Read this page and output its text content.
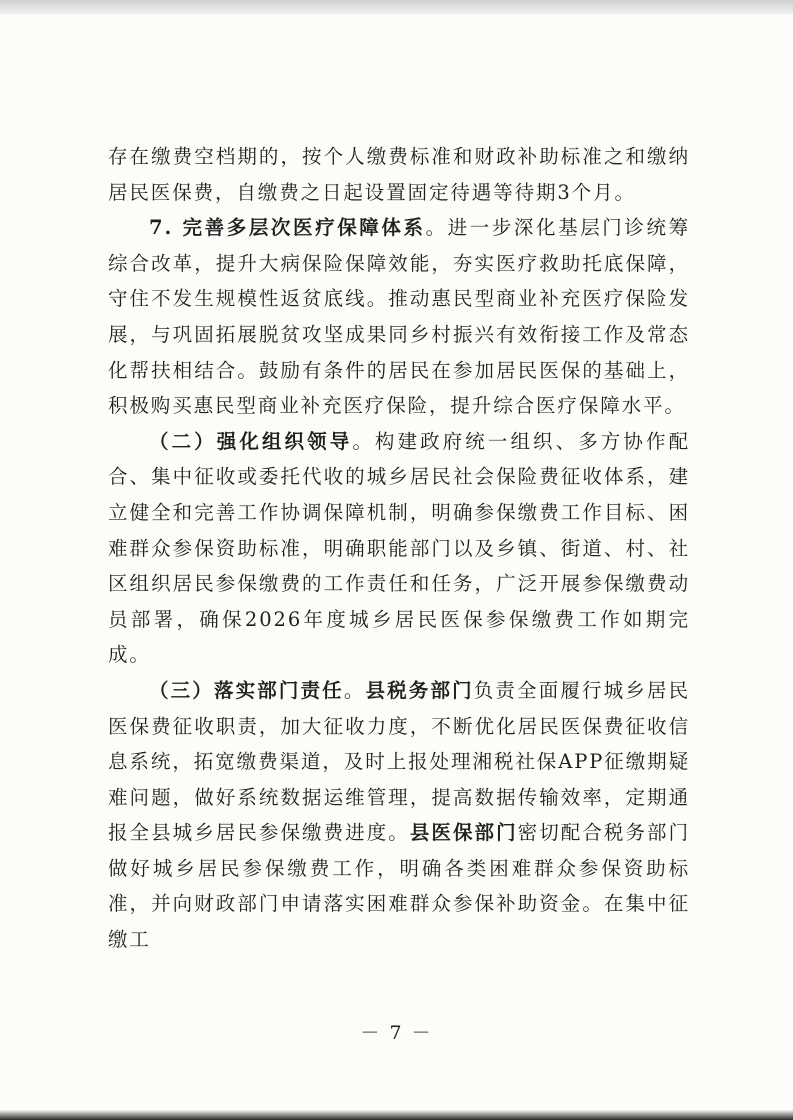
存在缴费空档期的，按个人缴费标准和财政补助标准之和缴纳居民医保费，自缴费之日起设置固定待遇等待期3个月。

7. 完善多层次医疗保障体系。进一步深化基层门诊统筹综合改革，提升大病保险保障效能，夯实医疗救助托底保障，守住不发生规模性返贫底线。推动惠民型商业补充医疗保险发展，与巩固拓展脱贫攻坚成果同乡村振兴有效衔接工作及常态化帮扶相结合。鼓励有条件的居民在参加居民医保的基础上，积极购买惠民型商业补充医疗保险，提升综合医疗保障水平。

（二）强化组织领导。构建政府统一组织、多方协作配合、集中征收或委托代收的城乡居民社会保险费征收体系，建立健全和完善工作协调保障机制，明确参保缴费工作目标、困难群众参保资助标准，明确职能部门以及乡镇、街道、村、社区组织居民参保缴费的工作责任和任务，广泛开展参保缴费动员部署，确保2026年度城乡居民医保参保缴费工作如期完成。

（三）落实部门责任。县税务部门负责全面履行城乡居民医保费征收职责，加大征收力度，不断优化居民医保费征收信息系统，拓宽缴费渠道，及时上报处理湘税社保APP征缴期疑难问题，做好系统数据运维管理，提高数据传输效率，定期通报全县城乡居民参保缴费进度。县医保部门密切配合税务部门做好城乡居民参保缴费工作，明确各类困难群众参保资助标准，并向财政部门申请落实困难群众参保补助资金。在集中征缴工

－ 7 －
